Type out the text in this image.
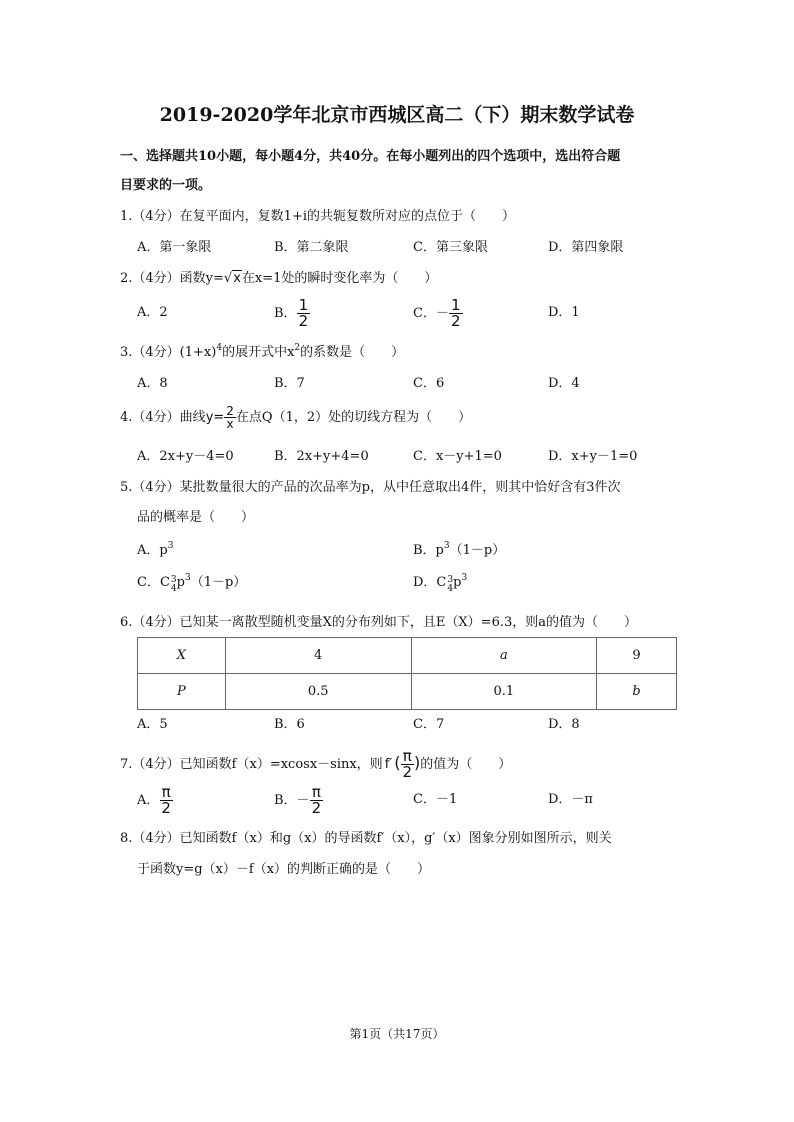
2019-2020学年北京市西城区高二（下）期末数学试卷
一、选择题共10小题，每小题4分，共40分。在每小题列出的四个选项中，选出符合题
目要求的一项。
1.（4分）在复平面内，复数1+i的共轭复数所对应的点位于（　　）
A．第一象限	B．第二象限	C．第三象限	D．第四象限
2.（4分）函数y=√x在x=1处的瞬时变化率为（　　）
A．2	B． $\frac{1}{2}$	C．－ $\frac{1}{2}$	D．1
3.（4分）$(1+x)^4$的展开式中$x^2$的系数是（　　）
A．8	B．7	C．6	D．4
4.（4分）曲线$y= \frac{2}{x}$ 在点Q（1，2）处的切线方程为（　　）
A．2x+y－4=0	B．2x+y+4=0	C．x－y+1=0	D．x+y－1=0
5.（4分）某批数量很大的产品的次品率为p，从中任意取出4件，则其中恰好含有3件次
品的概率是（　　）
A．$p^3$	B．$p^3(1-p)$
C．C 3
4 $p^3(1-p)$	D．C 3
4 $p^3$
6.（4分）已知某一离散型随机变量X的分布列如下，且E（X）=6.3，则a的值为（　　）
X	4	a	9
P	0.5	0.1	b
A．5	B．6	C．7	D．8
7.（4分）已知函数f（x）=xcosx－sinx，则 f′ ( $\frac{\pi}{2}$ )的值为（　　）
A． $\frac{\pi}{2}$	B．－ $\frac{\pi}{2}$	C．－1	D．－π
8.（4分）已知函数f（x）和g（x）的导函数f′（x），g′（x）图象分别如图所示，则关
于函数y=g（x）－f（x）的判断正确的是（　　）
第1页（共17页）
